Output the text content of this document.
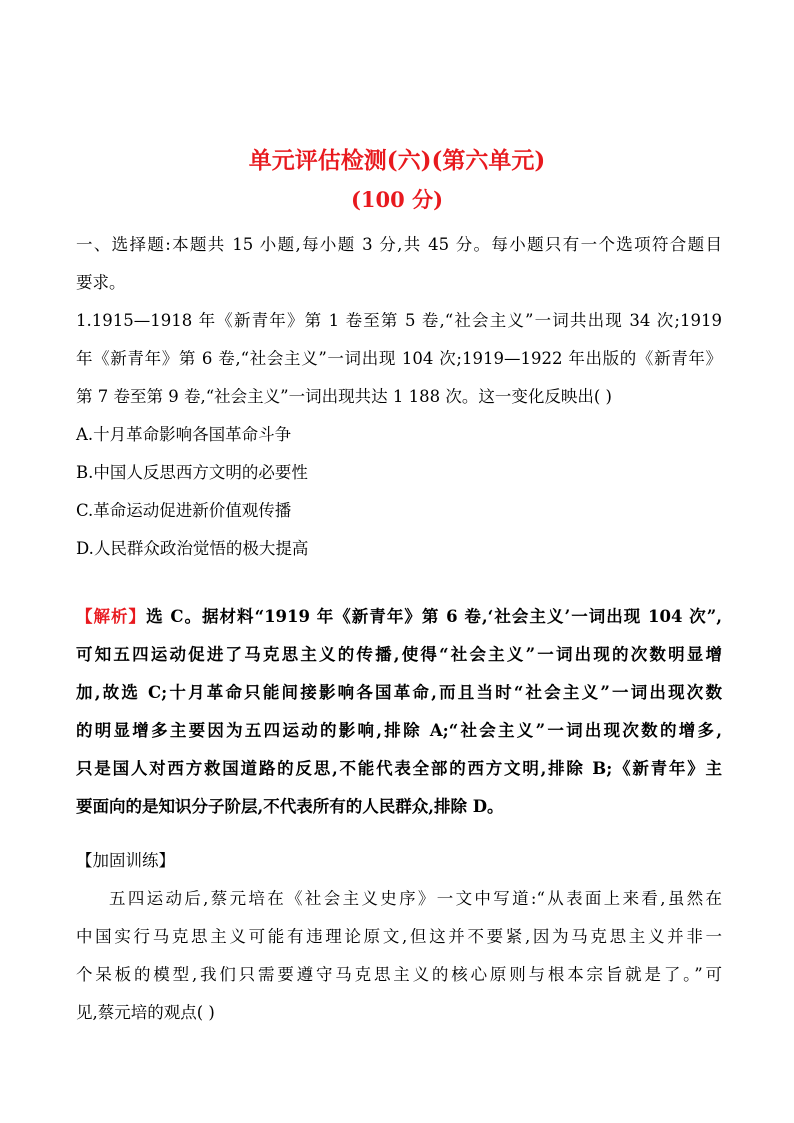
单元评估检测(六)(第六单元)
(100 分)
一、选择题:本题共 15 小题,每小题 3 分,共 45 分。每小题只有一个选项符合题目
要求。
1.1915—1918 年《新青年》第 1 卷至第 5 卷,“社会主义”一词共出现 34 次;1919
年《新青年》第 6 卷,“社会主义”一词出现 104 次;1919—1922 年出版的《新青年》
第 7 卷至第 9 卷,“社会主义”一词出现共达 1 188 次。这一变化反映出( )
A.十月革命影响各国革命斗争
B.中国人反思西方文明的必要性
C.革命运动促进新价值观传播
D.人民群众政治觉悟的极大提高
【解析】选 C。据材料“1919 年《新青年》第 6 卷,‘社会主义’一词出现 104 次”,
可知五四运动促进了马克思主义的传播,使得“社会主义”一词出现的次数明显增
加,故选 C;十月革命只能间接影响各国革命,而且当时“社会主义”一词出现次数
的明显增多主要因为五四运动的影响,排除 A;“社会主义”一词出现次数的增多,
只是国人对西方救国道路的反思,不能代表全部的西方文明,排除 B;《新青年》主
要面向的是知识分子阶层,不代表所有的人民群众,排除 D。
【加固训练】
五四运动后,蔡元培在《社会主义史序》一文中写道:“从表面上来看,虽然在
中国实行马克思主义可能有违理论原文,但这并不要紧,因为马克思主义并非一
个呆板的模型,我们只需要遵守马克思主义的核心原则与根本宗旨就是了。”可
见,蔡元培的观点( )
